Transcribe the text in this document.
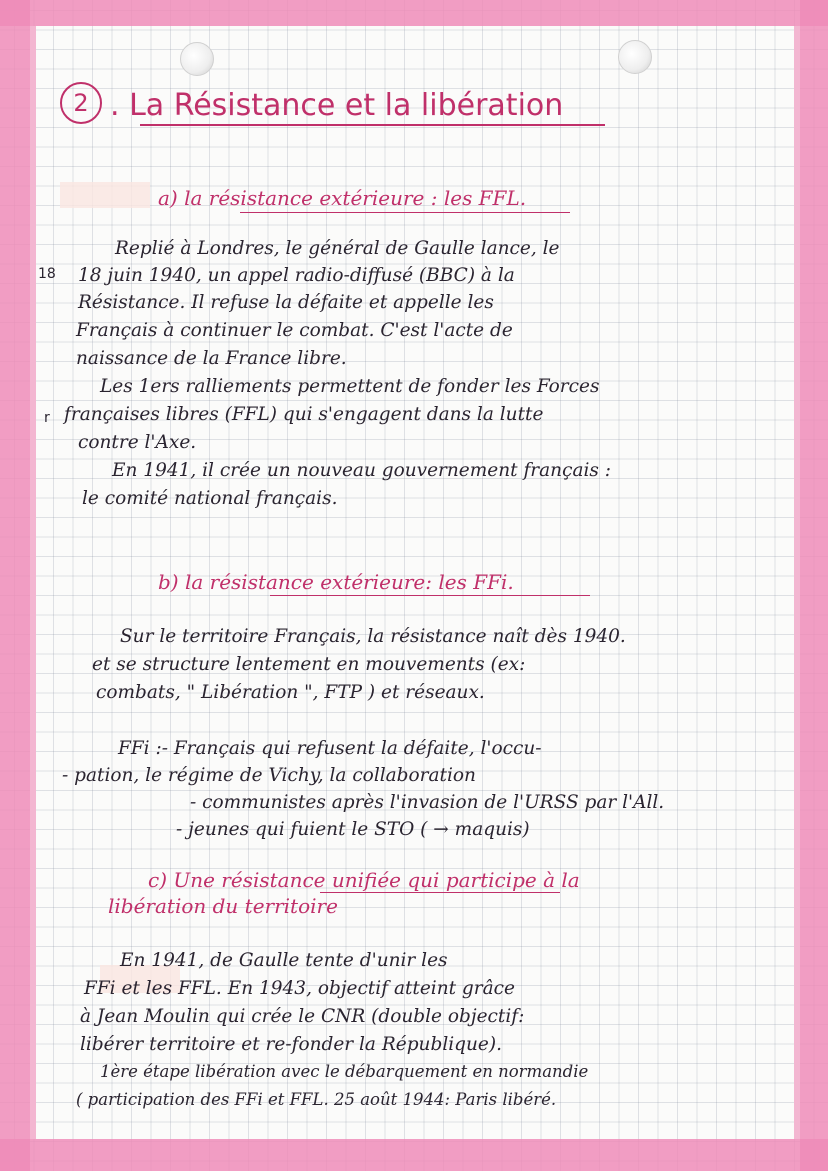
2 . La Résistance et la libération
a) la résistance extérieure : les FFL.
18
r
Replié à Londres, le général de Gaulle lance, le
18 juin 1940, un appel radio-diffusé (BBC) à la
Résistance. Il refuse la défaite et appelle les
Français à continuer le combat. C'est l'acte de
naissance de la France libre.
Les 1ers ralliements permettent de fonder les Forces
françaises libres (FFL) qui s'engagent dans la lutte
contre l'Axe.
En 1941, il crée un nouveau gouvernement français :
le comité national français.
b) la résistance extérieure: les FFi.
Sur le territoire Français, la résistance naît dès 1940.
et se structure lentement en mouvements (ex:
combats, " Libération ", FTP ) et réseaux.
FFi :- Français qui refusent la défaite, l'occu-
- pation, le régime de Vichy, la collaboration
- communistes après l'invasion de l'URSS par l'All.
- jeunes qui fuient le STO ( → maquis)
c) Une résistance unifiée qui participe à la
libération du territoire
En 1941, de Gaulle tente d'unir les
FFi et les FFL. En 1943, objectif atteint grâce
à Jean Moulin qui crée le CNR (double objectif:
libérer territoire et re-fonder la République).
1ère étape libération avec le débarquement en normandie
( participation des FFi et FFL. 25 août 1944: Paris libéré.
